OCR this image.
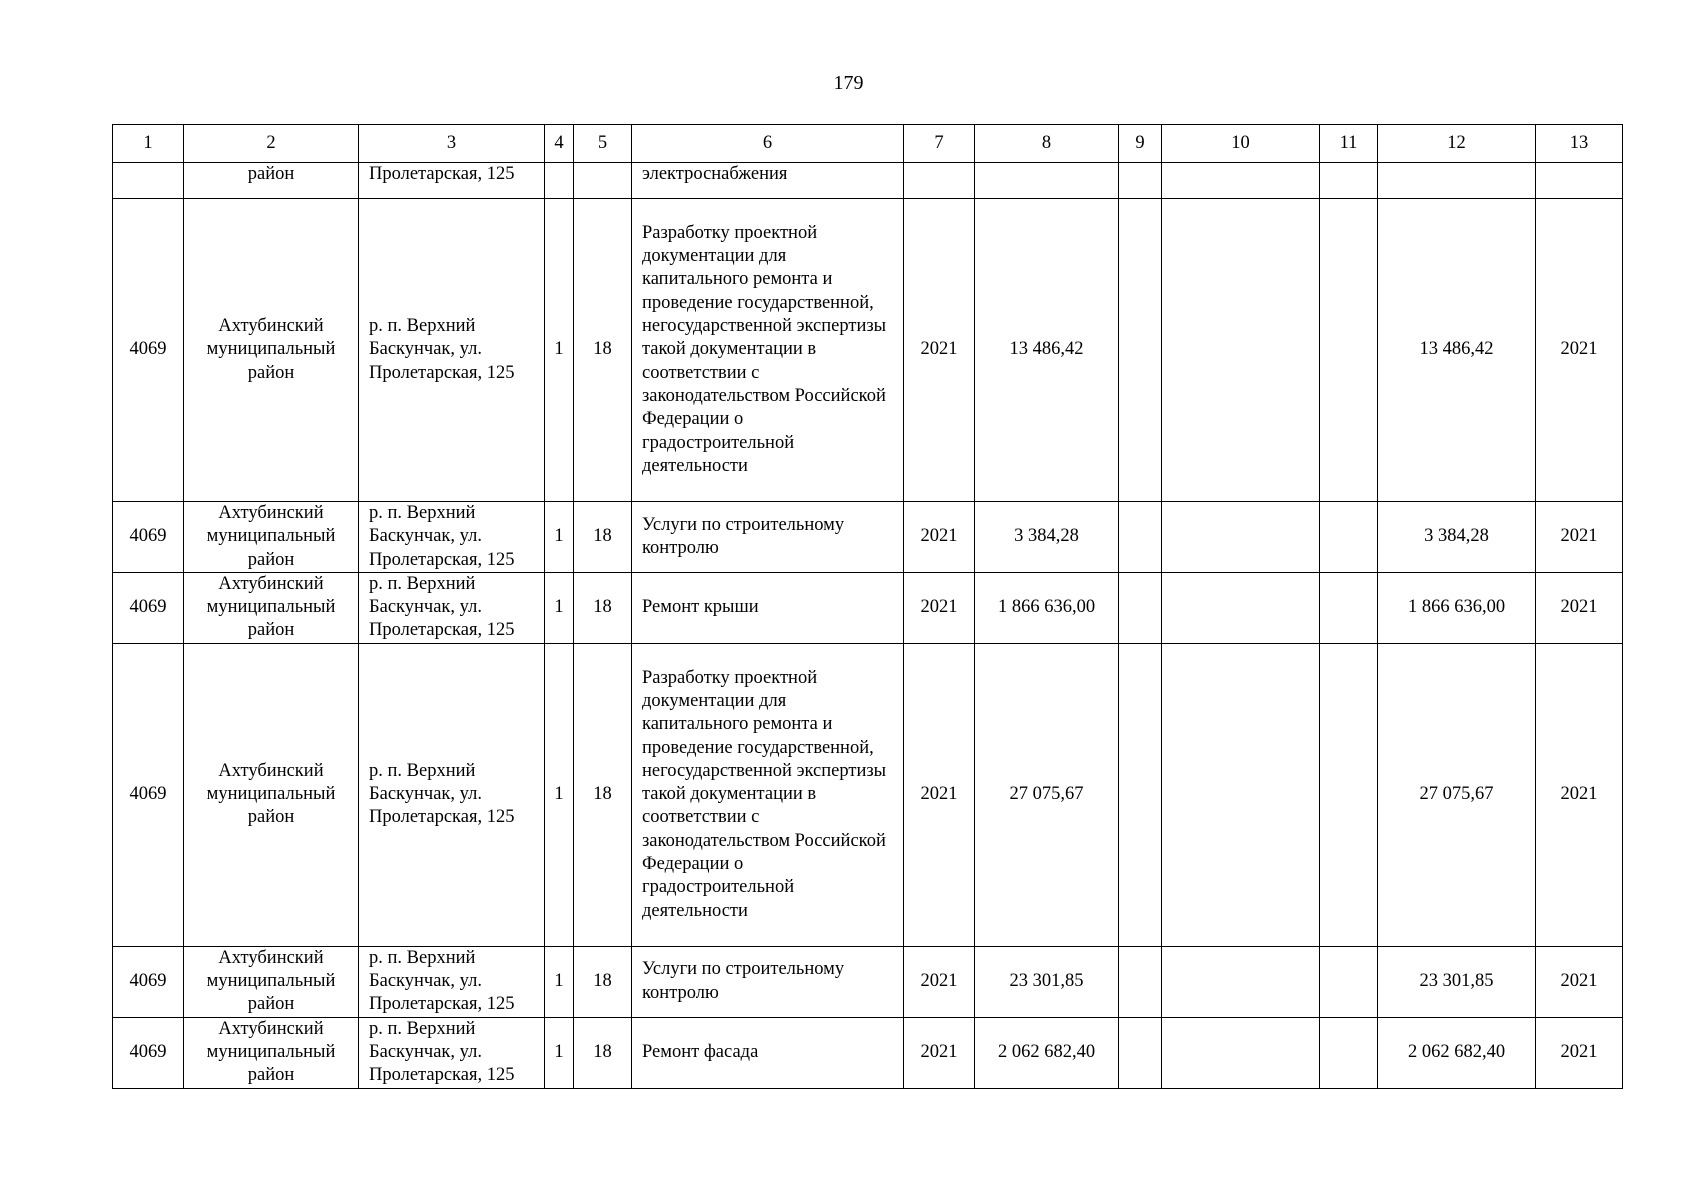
179
1	2	3	4	5	6	7	8	9	10	11	12	13
	район	Пролетарская, 125			электроснабжения							
4069	Ахтубинский муниципальный район	р. п. Верхний Баскунчак, ул. Пролетарская, 125	1	18	Разработку проектной документации для капитального ремонта и проведение государственной, негосударственной экспертизы такой документации в соответствии с законодательством Российской Федерации о градостроительной деятельности	2021	13 486,42				13 486,42	2021
4069	Ахтубинский муниципальный район	р. п. Верхний Баскунчак, ул. Пролетарская, 125	1	18	Услуги по строительному контролю	2021	3 384,28				3 384,28	2021
4069	Ахтубинский муниципальный район	р. п. Верхний Баскунчак, ул. Пролетарская, 125	1	18	Ремонт крыши	2021	1 866 636,00				1 866 636,00	2021
4069	Ахтубинский муниципальный район	р. п. Верхний Баскунчак, ул. Пролетарская, 125	1	18	Разработку проектной документации для капитального ремонта и проведение государственной, негосударственной экспертизы такой документации в соответствии с законодательством Российской Федерации о градостроительной деятельности	2021	27 075,67				27 075,67	2021
4069	Ахтубинский муниципальный район	р. п. Верхний Баскунчак, ул. Пролетарская, 125	1	18	Услуги по строительному контролю	2021	23 301,85				23 301,85	2021
4069	Ахтубинский муниципальный район	р. п. Верхний Баскунчак, ул. Пролетарская, 125	1	18	Ремонт фасада	2021	2 062 682,40				2 062 682,40	2021
